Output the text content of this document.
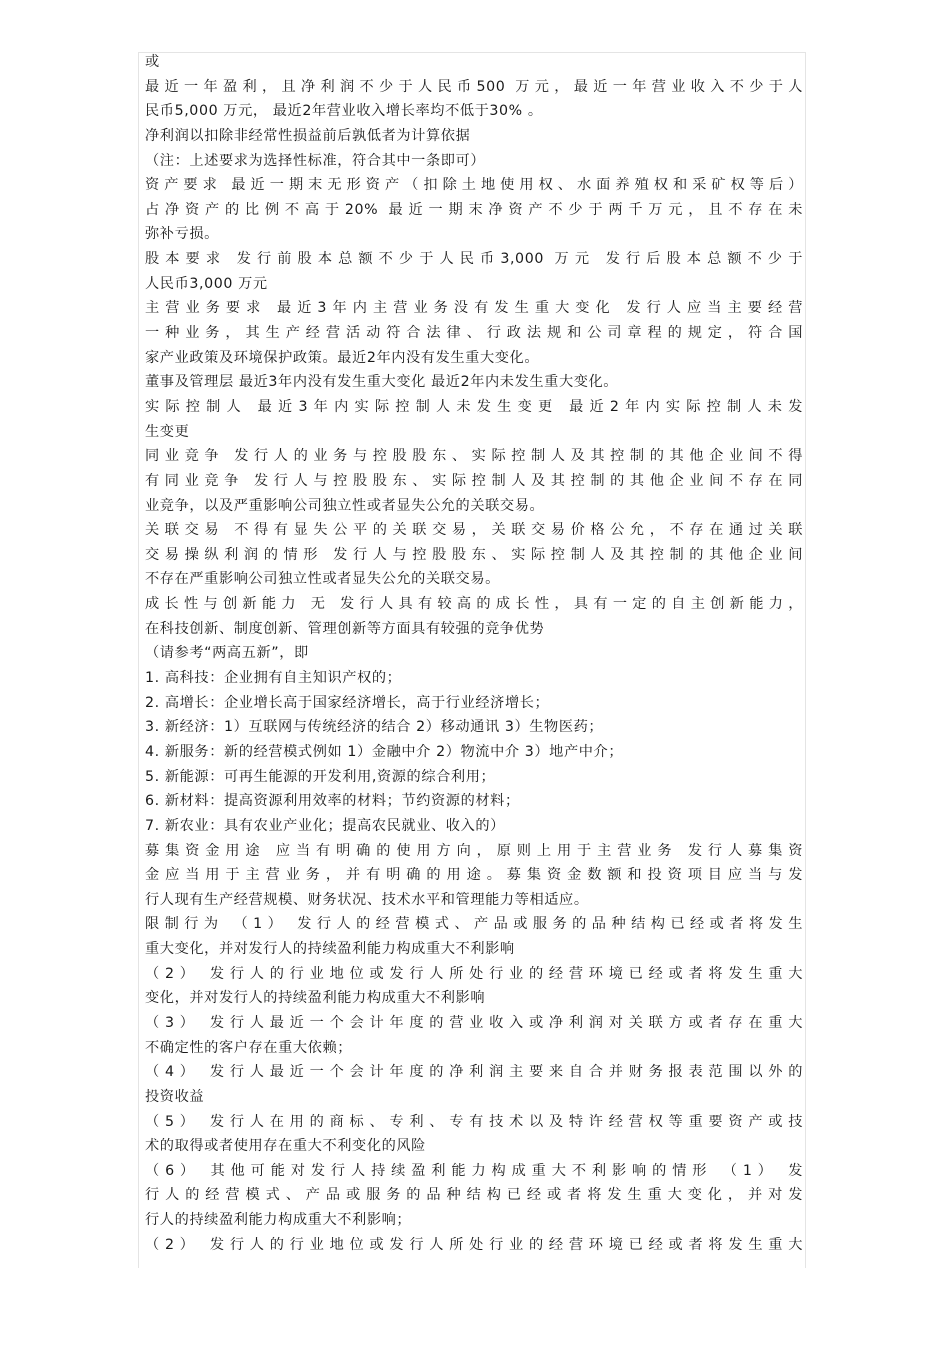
或
最近一年盈利，且净利润不少于人民币500 万元，最近一年营业收入不少于人
民币5,000 万元， 最近2年营业收入增长率均不低于30% 。
净利润以扣除非经常性损益前后孰低者为计算依据
（注：上述要求为选择性标准，符合其中一条即可）
资产要求 最近一期末无形资产（扣除土地使用权、水面养殖权和采矿权等后）
占净资产的比例不高于20% 最近一期末净资产不少于两千万元，且不存在未
弥补亏损。
股本要求 发行前股本总额不少于人民币3,000 万元 发行后股本总额不少于
人民币3,000 万元
主营业务要求 最近3年内主营业务没有发生重大变化 发行人应当主要经营
一种业务，其生产经营活动符合法律、行政法规和公司章程的规定，符合国
家产业政策及环境保护政策。最近2年内没有发生重大变化。
董事及管理层 最近3年内没有发生重大变化 最近2年内未发生重大变化。
实际控制人 最近3年内实际控制人未发生变更 最近2年内实际控制人未发
生变更
同业竞争 发行人的业务与控股股东、实际控制人及其控制的其他企业间不得
有同业竞争 发行人与控股股东、实际控制人及其控制的其他企业间不存在同
业竞争，以及严重影响公司独立性或者显失公允的关联交易。
关联交易 不得有显失公平的关联交易，关联交易价格公允，不存在通过关联
交易操纵利润的情形 发行人与控股股东、实际控制人及其控制的其他企业间
不存在严重影响公司独立性或者显失公允的关联交易。
成长性与创新能力 无 发行人具有较高的成长性，具有一定的自主创新能力，
在科技创新、制度创新、管理创新等方面具有较强的竞争优势
（请参考“两高五新”，即
1. 高科技：企业拥有自主知识产权的；
2. 高增长：企业增长高于国家经济增长，高于行业经济增长；
3. 新经济：1）互联网与传统经济的结合 2）移动通讯 3）生物医药；
4. 新服务：新的经营模式例如 1）金融中介 2）物流中介 3）地产中介；
5. 新能源：可再生能源的开发利用,资源的综合利用；
6. 新材料：提高资源利用效率的材料；节约资源的材料；
7. 新农业：具有农业产业化；提高农民就业、收入的）
募集资金用途 应当有明确的使用方向，原则上用于主营业务 发行人募集资
金应当用于主营业务，并有明确的用途。募集资金数额和投资项目应当与发
行人现有生产经营规模、财务状况、技术水平和管理能力等相适应。
限制行为 （1） 发行人的经营模式、产品或服务的品种结构已经或者将发生
重大变化，并对发行人的持续盈利能力构成重大不利影响
（2） 发行人的行业地位或发行人所处行业的经营环境已经或者将发生重大
变化，并对发行人的持续盈利能力构成重大不利影响
（3） 发行人最近一个会计年度的营业收入或净利润对关联方或者存在重大
不确定性的客户存在重大依赖；
（4） 发行人最近一个会计年度的净利润主要来自合并财务报表范围以外的
投资收益
（5） 发行人在用的商标、专利、专有技术以及特许经营权等重要资产或技
术的取得或者使用存在重大不利变化的风险
（6） 其他可能对发行人持续盈利能力构成重大不利影响的情形 （1） 发
行人的经营模式、产品或服务的品种结构已经或者将发生重大变化，并对发
行人的持续盈利能力构成重大不利影响；
（2） 发行人的行业地位或发行人所处行业的经营环境已经或者将发生重大
